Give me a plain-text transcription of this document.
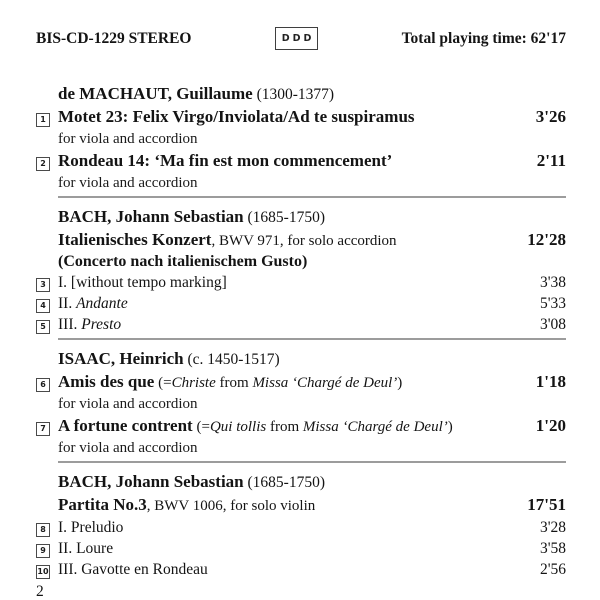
BIS-CD-1229 STEREO	DDD	Total playing time: 62'17
de MACHAUT, Guillaume (1300-1377)
1 Motet 23: Felix Virgo/Inviolata/Ad te suspiramus	3'26
for viola and accordion
2 Rondeau 14: ‘Ma fin est mon commencement’	2'11
for viola and accordion
BACH, Johann Sebastian (1685-1750)
Italienisches Konzert, BWV 971, for solo accordion	12'28
(Concerto nach italienischem Gusto)
3 I. [without tempo marking]	3'38
4 II. Andante	5'33
5 III. Presto	3'08
ISAAC, Heinrich (c. 1450-1517)
6 Amis des que (=Christe from Missa ‘Chargé de Deul’)	1'18
for viola and accordion
7 A fortune contrent (=Qui tollis from Missa ‘Chargé de Deul’)	1'20
for viola and accordion
BACH, Johann Sebastian (1685-1750)
Partita No.3, BWV 1006, for solo violin	17'51
8 I. Preludio	3'28
9 II. Loure	3'58
10 III. Gavotte en Rondeau	2'56
2
